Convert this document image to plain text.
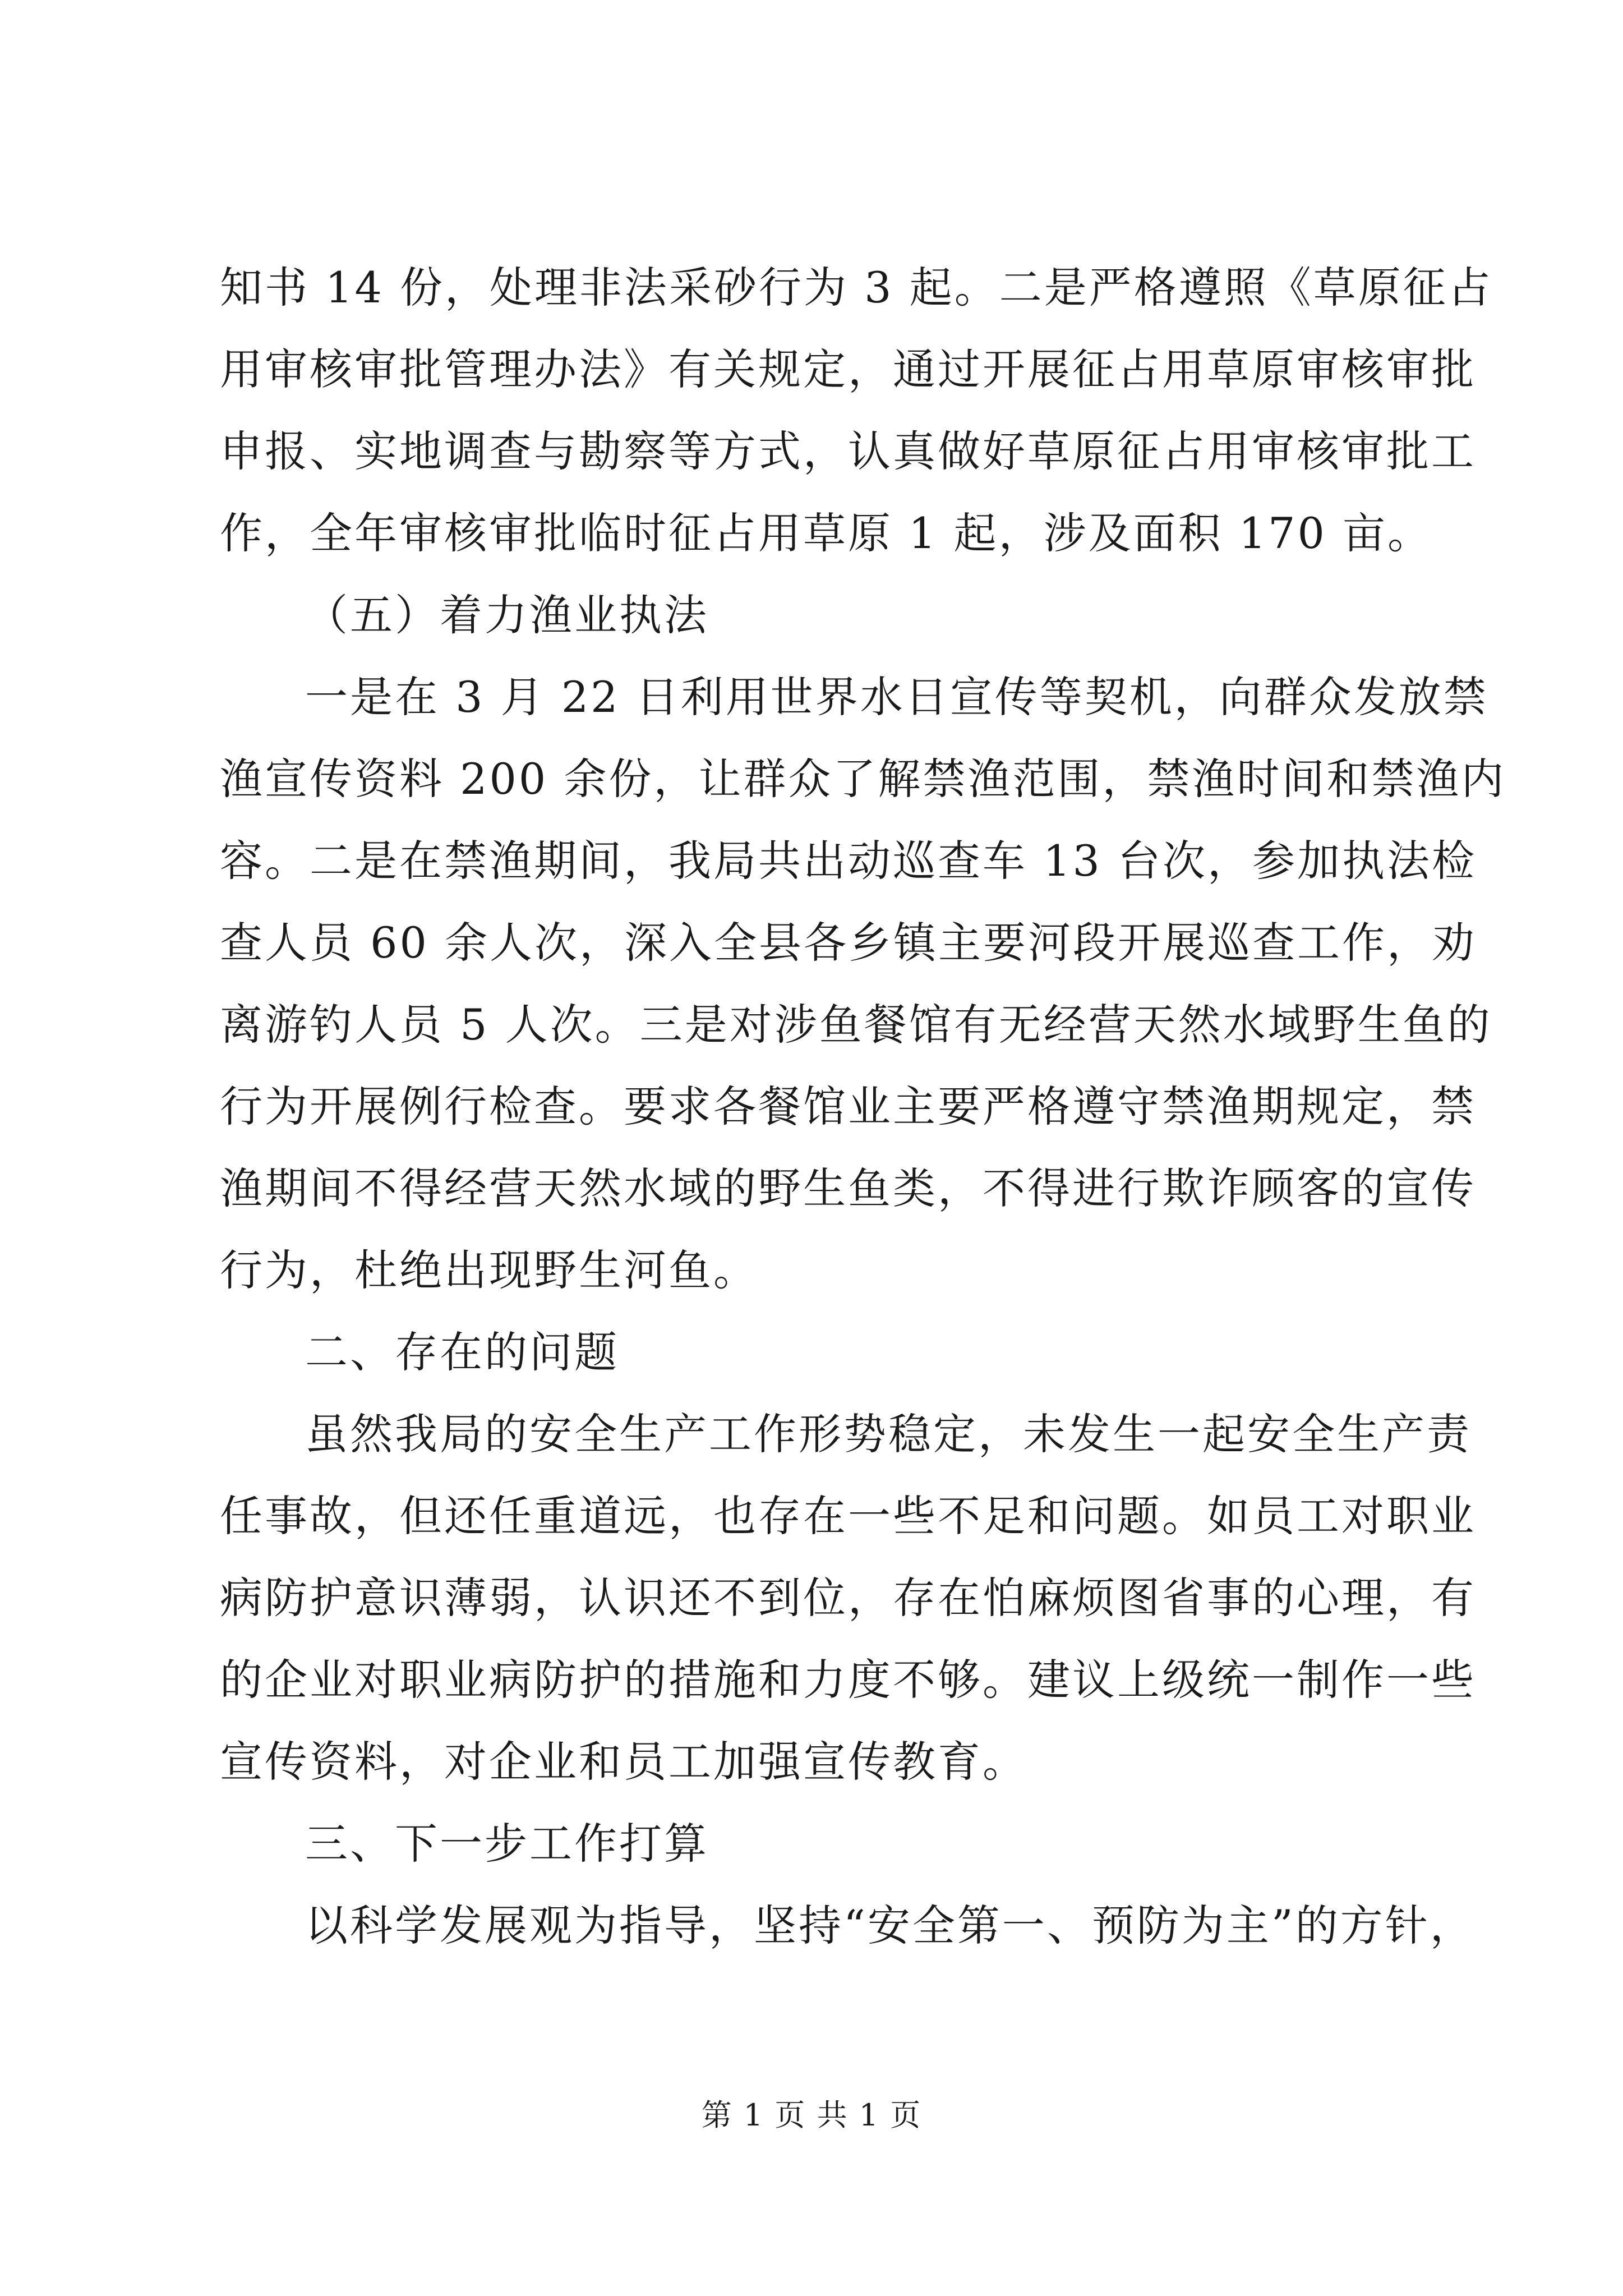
知书 14 份，处理非法采砂行为 3 起。二是严格遵照《草原征占
用审核审批管理办法》有关规定，通过开展征占用草原审核审批
申报、实地调查与勘察等方式，认真做好草原征占用审核审批工
作，全年审核审批临时征占用草原 1 起，涉及面积 170 亩。
（五）着力渔业执法
一是在 3 月 22 日利用世界水日宣传等契机，向群众发放禁
渔宣传资料 200 余份，让群众了解禁渔范围，禁渔时间和禁渔内
容。二是在禁渔期间，我局共出动巡查车 13 台次，参加执法检
查人员 60 余人次，深入全县各乡镇主要河段开展巡查工作，劝
离游钓人员 5 人次。三是对涉鱼餐馆有无经营天然水域野生鱼的
行为开展例行检查。要求各餐馆业主要严格遵守禁渔期规定，禁
渔期间不得经营天然水域的野生鱼类，不得进行欺诈顾客的宣传
行为，杜绝出现野生河鱼。
二、存在的问题
虽然我局的安全生产工作形势稳定，未发生一起安全生产责
任事故，但还任重道远，也存在一些不足和问题。如员工对职业
病防护意识薄弱，认识还不到位，存在怕麻烦图省事的心理，有
的企业对职业病防护的措施和力度不够。建议上级统一制作一些
宣传资料，对企业和员工加强宣传教育。
三、下一步工作打算
以科学发展观为指导，坚持“安全第一、预防为主”的方针，
第 1 页 共 1 页
